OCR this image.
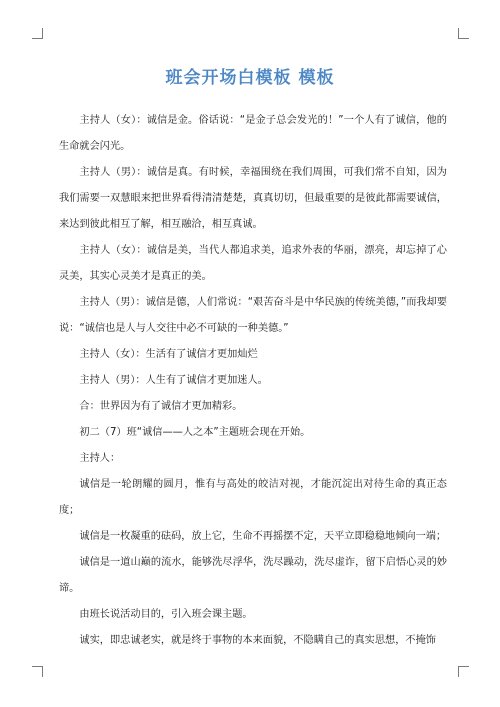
班会开场白模板 模板

主持人（女）：诚信是金。俗话说：“是金子总会发光的！”一个人有了诚信，他的生命就会闪光。

主持人（男）：诚信是真。有时候，幸福围绕在我们周围，可我们常不自知，因为我们需要一双慧眼来把世界看得清清楚楚，真真切切，但最重要的是彼此都需要诚信，来达到彼此相互了解，相互融洽，相互真诚。

主持人（女）：诚信是美，当代人都追求美，追求外表的华丽，漂亮，却忘掉了心灵美，其实心灵美才是真正的美。

主持人（男）：诚信是德，人们常说：“艰苦奋斗是中华民族的传统美德，”而我却要说：“诚信也是人与人交往中必不可缺的一种美德。”

主持人（女）：生活有了诚信才更加灿烂

主持人（男）：人生有了诚信才更加迷人。

合：世界因为有了诚信才更加精彩。

初二（7）班“诚信——人之本”主题班会现在开始。

主持人：

诚信是一轮朗耀的圆月，惟有与高处的皎洁对视，才能沉淀出对待生命的真正态度；

诚信是一枚凝重的砝码，放上它，生命不再摇摆不定，天平立即稳稳地倾向一端；

诚信是一道山巅的流水，能够洗尽浮华，洗尽躁动，洗尽虚诈，留下启悟心灵的妙谛。

由班长说活动目的，引入班会课主题。

诚实，即忠诚老实，就是终于事物的本来面貌，不隐瞒自己的真实思想，不掩饰
